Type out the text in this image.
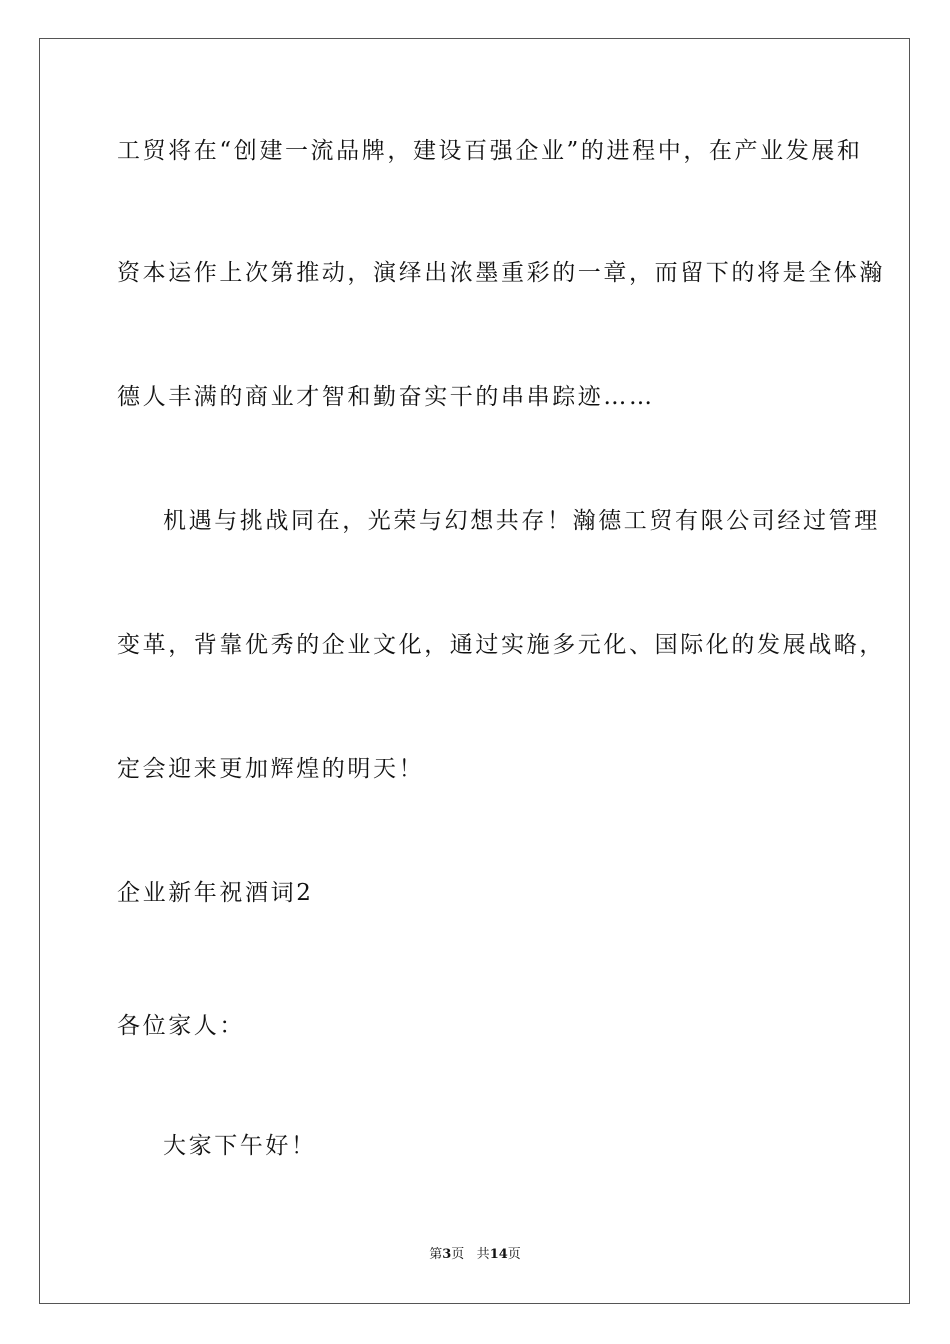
工贸将在“创建一流品牌，建设百强企业”的进程中，在产业发展和
资本运作上次第推动，演绎出浓墨重彩的一章，而留下的将是全体瀚
德人丰满的商业才智和勤奋实干的串串踪迹……
机遇与挑战同在，光荣与幻想共存！瀚德工贸有限公司经过管理
变革，背靠优秀的企业文化，通过实施多元化、国际化的发展战略，
定会迎来更加辉煌的明天！
企业新年祝酒词2
各位家人：
大家下午好！
第3页 共14页
